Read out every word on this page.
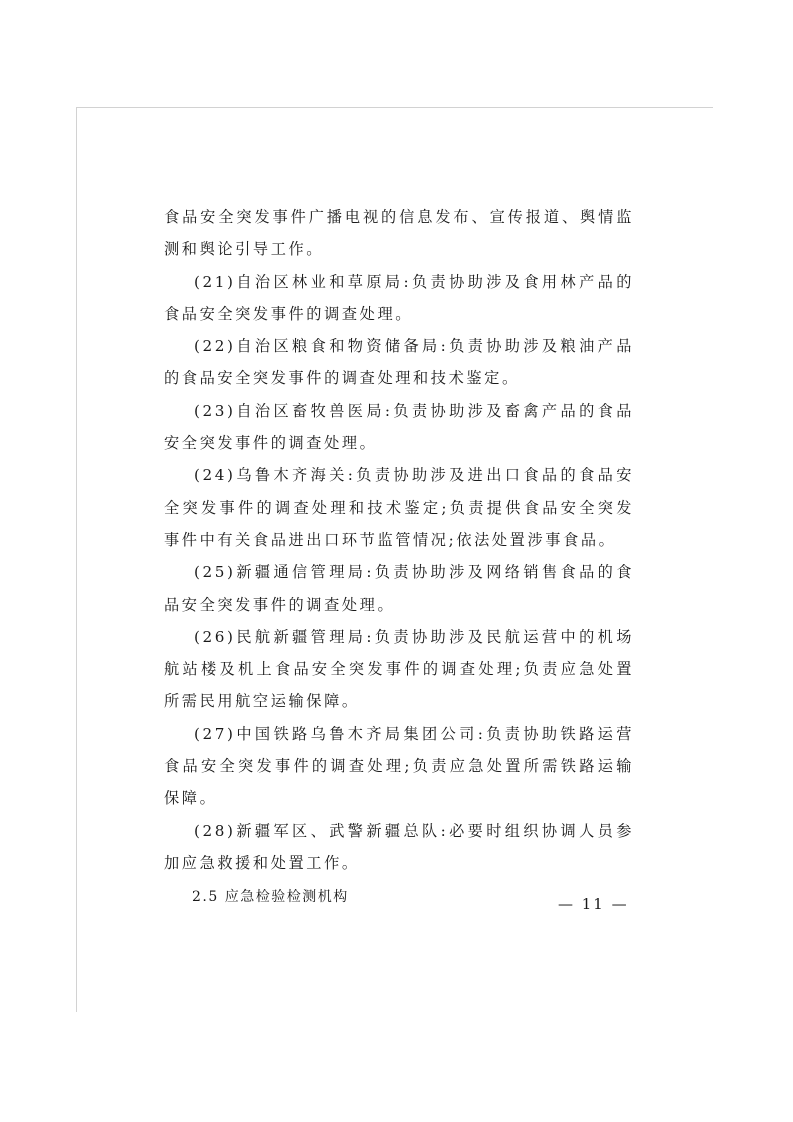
食品安全突发事件广播电视的信息发布、宣传报道、舆情监测和舆论引导工作。

(21)自治区林业和草原局:负责协助涉及食用林产品的食品安全突发事件的调查处理。

(22)自治区粮食和物资储备局:负责协助涉及粮油产品的食品安全突发事件的调查处理和技术鉴定。

(23)自治区畜牧兽医局:负责协助涉及畜禽产品的食品安全突发事件的调查处理。

(24)乌鲁木齐海关:负责协助涉及进出口食品的食品安全突发事件的调查处理和技术鉴定;负责提供食品安全突发事件中有关食品进出口环节监管情况;依法处置涉事食品。

(25)新疆通信管理局:负责协助涉及网络销售食品的食品安全突发事件的调查处理。

(26)民航新疆管理局:负责协助涉及民航运营中的机场航站楼及机上食品安全突发事件的调查处理;负责应急处置所需民用航空运输保障。

(27)中国铁路乌鲁木齐局集团公司:负责协助铁路运营食品安全突发事件的调查处理;负责应急处置所需铁路运输保障。

(28)新疆军区、武警新疆总队:必要时组织协调人员参加应急救援和处置工作。

2.5 应急检验检测机构	— 11 —
